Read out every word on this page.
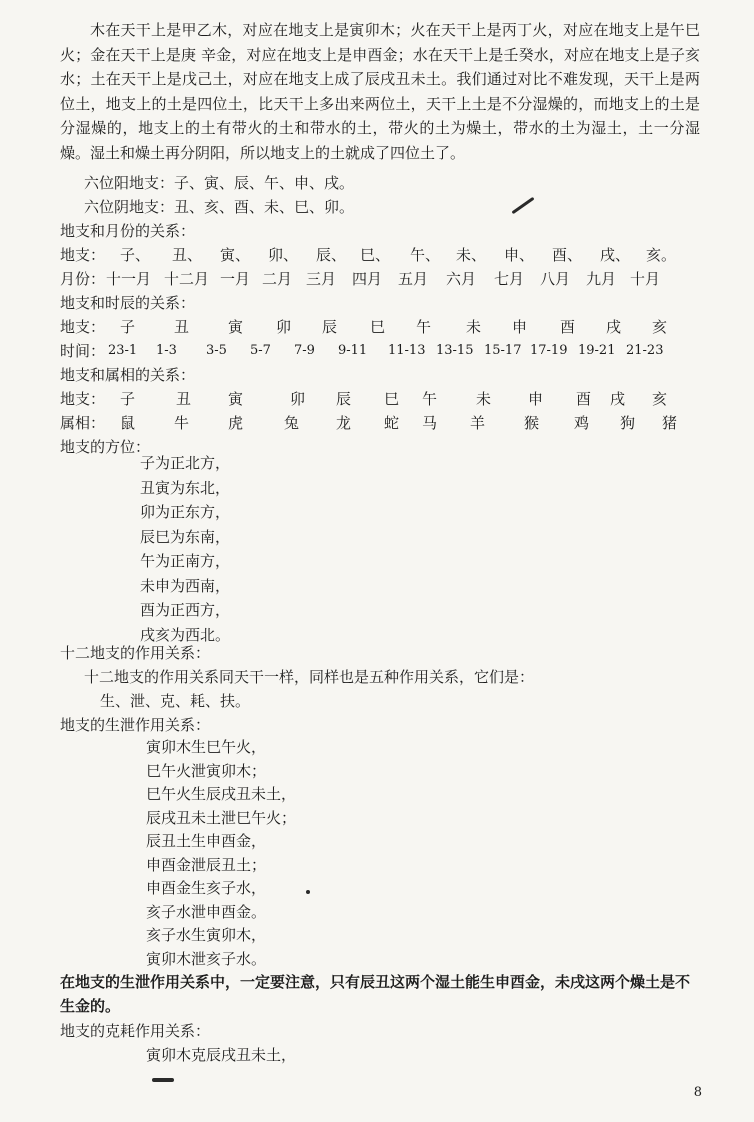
木在天干上是甲乙木，对应在地支上是寅卯木；火在天干上是丙丁火，对应在地支上是午巳火；金在天干上是庚 辛金，对应在地支上是申酉金；水在天干上是壬癸水，对应在地支上是子亥水；土在天干上是戊己土，对应在地支上成了辰戌丑未土。我们通过对比不难发现，天干上是两位土，地支上的土是四位土，比天干上多出来两位土，天干上土是不分湿燥的，而地支上的土是分湿燥的，地支上的土有带火的土和带水的土，带火的土为燥土，带水的土为湿土，土一分湿燥。湿土和燥土再分阴阳，所以地支上的土就成了四位土了。
六位阳地支：子、寅、辰、午、申、戌。
六位阴地支：丑、亥、酉、未、巳、卯。
地支和月份的关系：
地支： 子、 丑、 寅、 卯、 辰、 巳、 午、 未、 申、 酉、 戌、 亥。
月份： 十一月 十二月 一月 二月 三月 四月 五月 六月 七月 八月 九月 十月
地支和时辰的关系：
地支： 子	丑	寅 卯 辰 巳 午 未 申 酉 戌 亥
时间： 23-1 1-3 3-5 5-7 7-9 9-11 11-13 13-15 15-17 17-19 19-21 21-23
地支和属相的关系：
地支： 子	丑 寅	卯 辰 巳 午	未 申 酉 戌 亥
属相： 鼠	牛	虎	兔 龙 蛇 马 羊	猴 鸡 狗 猪
地支的方位：
子为正北方，
丑寅为东北，
卯为正东方，
辰巳为东南，
午为正南方，
未申为西南，
酉为正西方，
戌亥为西北。
十二地支的作用关系：
十二地支的作用关系同天干一样，同样也是五种作用关系，它们是：
生、泄、克、耗、扶。
地支的生泄作用关系：
寅卯木生巳午火，
巳午火泄寅卯木；
巳午火生辰戌丑未土，
辰戌丑未土泄巳午火；
辰丑土生申酉金，
申酉金泄辰丑土；
申酉金生亥子水，
亥子水泄申酉金。
亥子水生寅卯木，
寅卯木泄亥子水。
在地支的生泄作用关系中，一定要注意，只有辰丑这两个湿土能生申酉金，未戌这两个燥土是不生金的。
地支的克耗作用关系：
寅卯木克辰戌丑未土，
8
